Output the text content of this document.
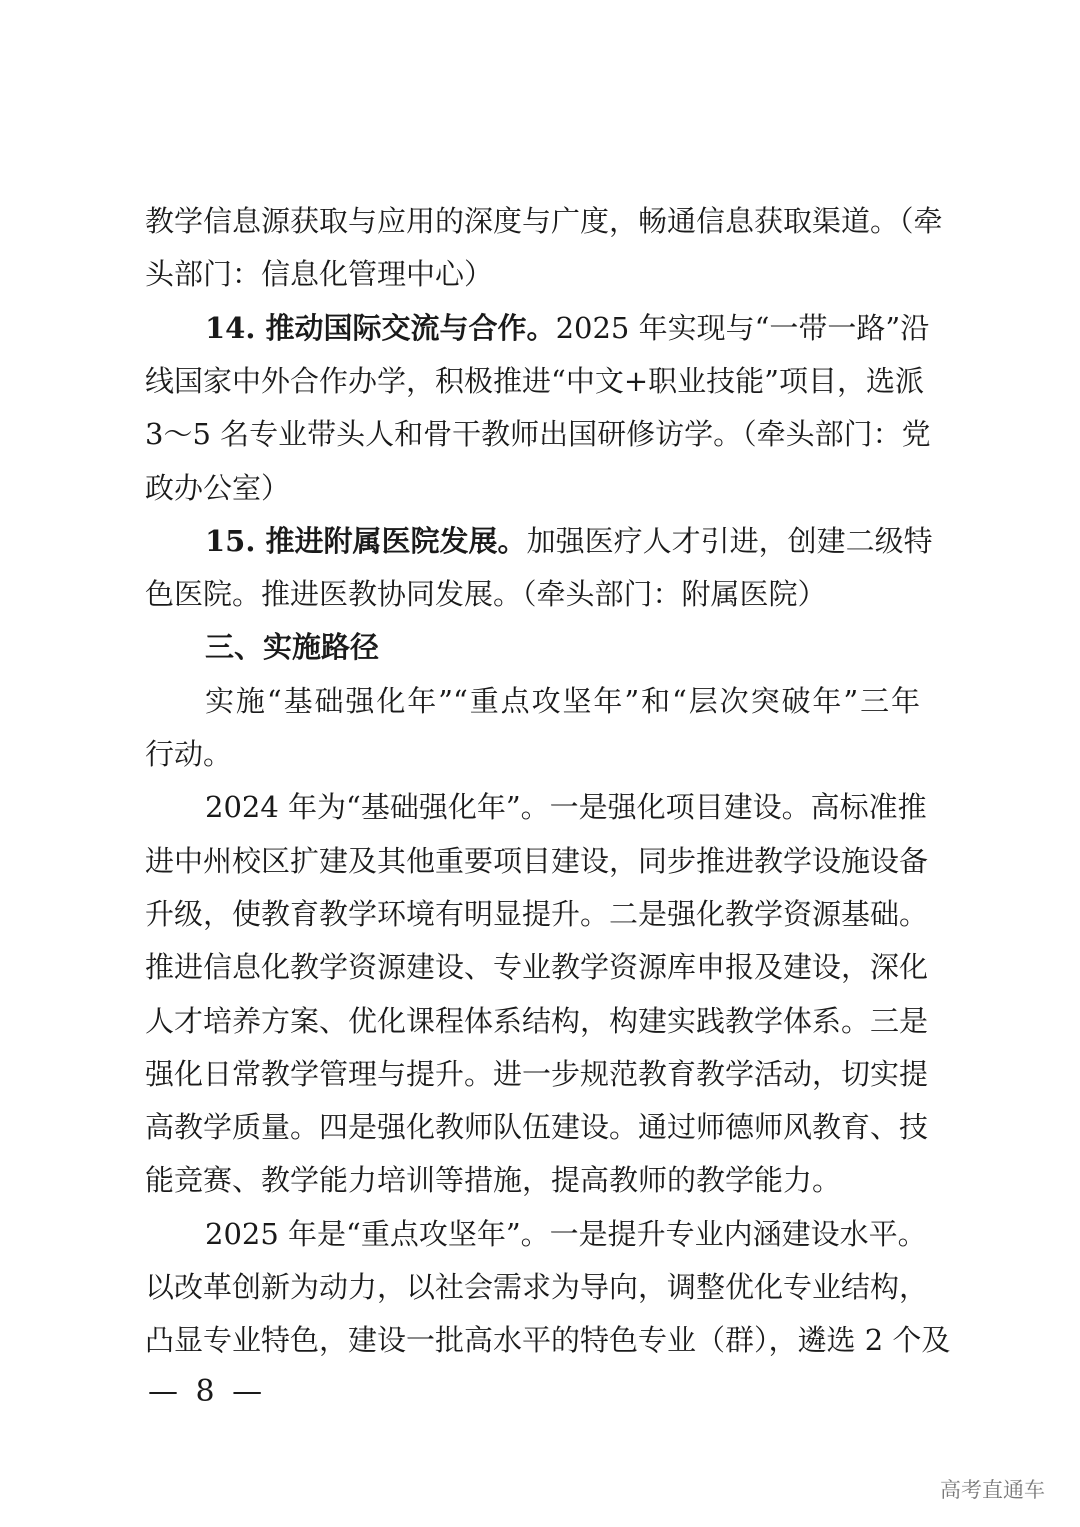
教学信息源获取与应用的深度与广度，畅通信息获取渠道。（牵
头部门：信息化管理中心）
14. 推动国际交流与合作。2025 年实现与“一带一路”沿
线国家中外合作办学，积极推进“中文+职业技能”项目，选派
3～5 名专业带头人和骨干教师出国研修访学。（牵头部门：党
政办公室）
15. 推进附属医院发展。加强医疗人才引进，创建二级特
色医院。推进医教协同发展。（牵头部门：附属医院）
三、实施路径
实施“基础强化年”“重点攻坚年”和“层次突破年”三年
行动。
2024 年为“基础强化年”。一是强化项目建设。高标准推
进中州校区扩建及其他重要项目建设，同步推进教学设施设备
升级，使教育教学环境有明显提升。二是强化教学资源基础。
推进信息化教学资源建设、专业教学资源库申报及建设，深化
人才培养方案、优化课程体系结构，构建实践教学体系。三是
强化日常教学管理与提升。进一步规范教育教学活动，切实提
高教学质量。四是强化教师队伍建设。通过师德师风教育、技
能竞赛、教学能力培训等措施，提高教师的教学能力。
2025 年是“重点攻坚年”。一是提升专业内涵建设水平。
以改革创新为动力，以社会需求为导向，调整优化专业结构，
凸显专业特色，建设一批高水平的特色专业（群），遴选 2 个及
— 8 —
高考直通车
